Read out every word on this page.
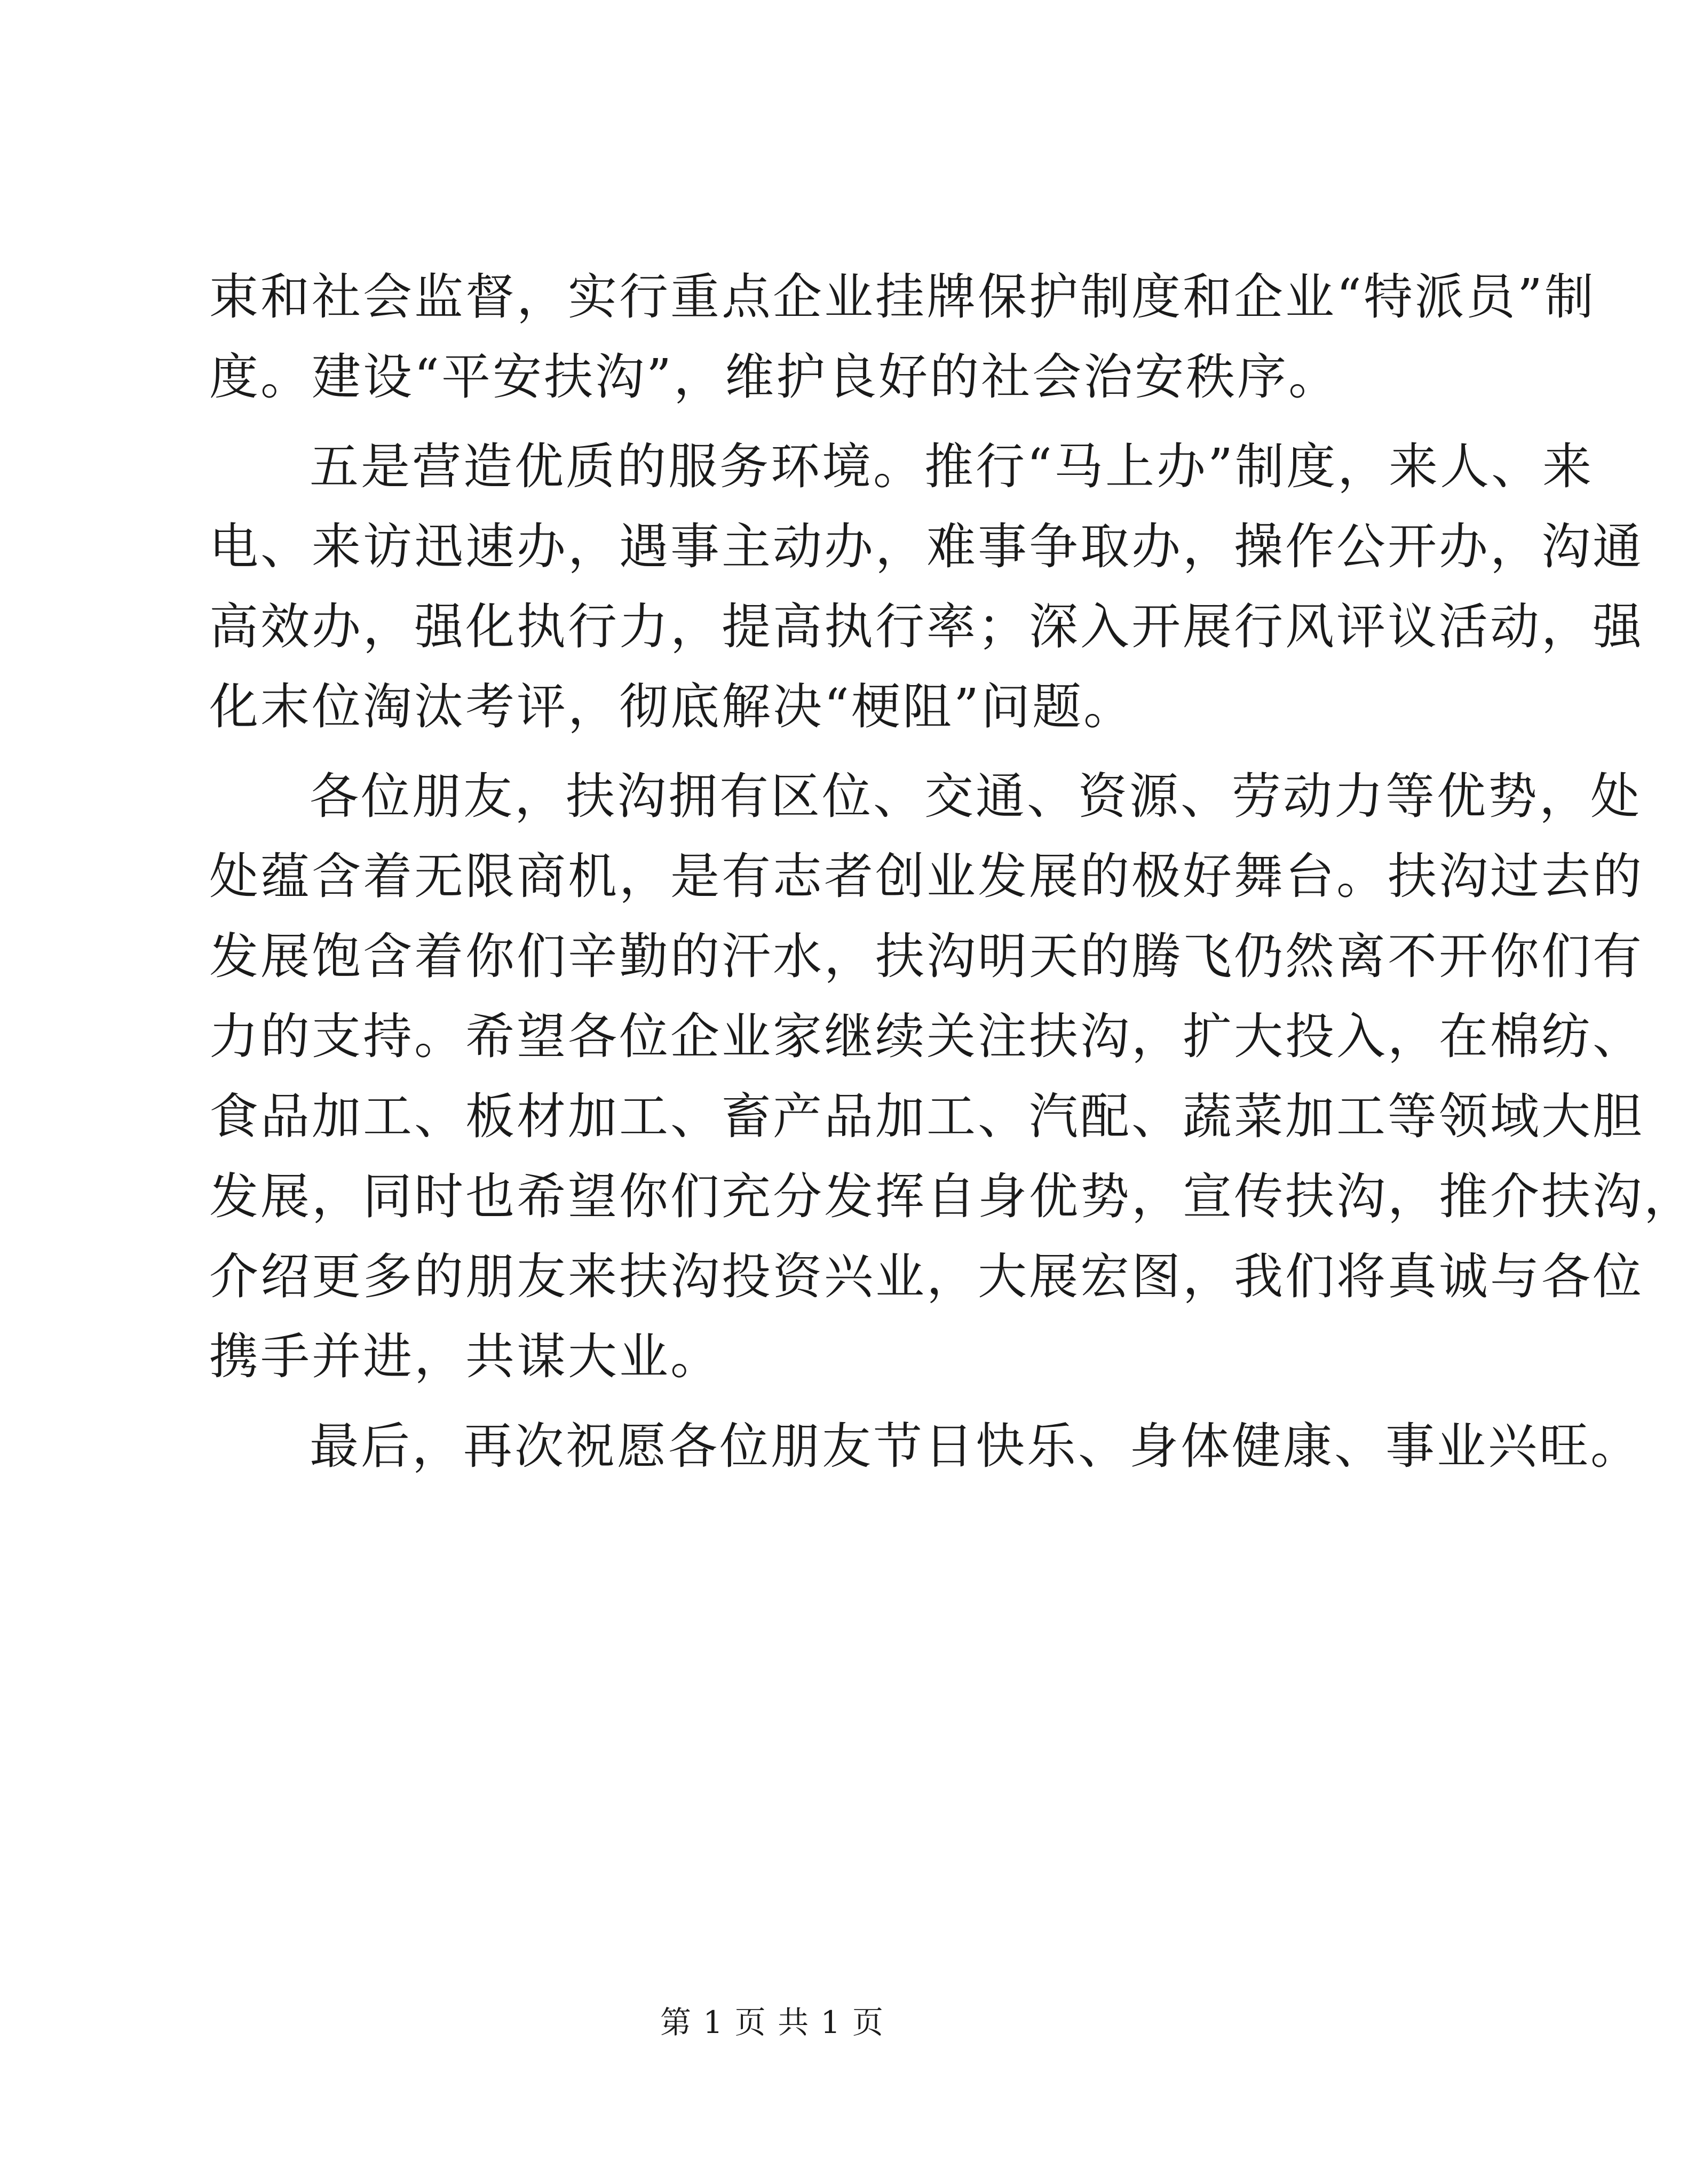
束和社会监督，实行重点企业挂牌保护制度和企业“特派员”制
度。建设“平安扶沟”，维护良好的社会治安秩序。
五是营造优质的服务环境。推行“马上办”制度，来人、来
电、来访迅速办，遇事主动办，难事争取办，操作公开办，沟通
高效办，强化执行力，提高执行率；深入开展行风评议活动，强
化末位淘汰考评，彻底解决“梗阻”问题。
各位朋友，扶沟拥有区位、交通、资源、劳动力等优势，处
处蕴含着无限商机，是有志者创业发展的极好舞台。扶沟过去的
发展饱含着你们辛勤的汗水，扶沟明天的腾飞仍然离不开你们有
力的支持。希望各位企业家继续关注扶沟，扩大投入，在棉纺、
食品加工、板材加工、畜产品加工、汽配、蔬菜加工等领域大胆
发展，同时也希望你们充分发挥自身优势，宣传扶沟，推介扶沟，
介绍更多的朋友来扶沟投资兴业，大展宏图，我们将真诚与各位
携手并进，共谋大业。
最后，再次祝愿各位朋友节日快乐、身体健康、事业兴旺。
第 1 页 共 1 页
